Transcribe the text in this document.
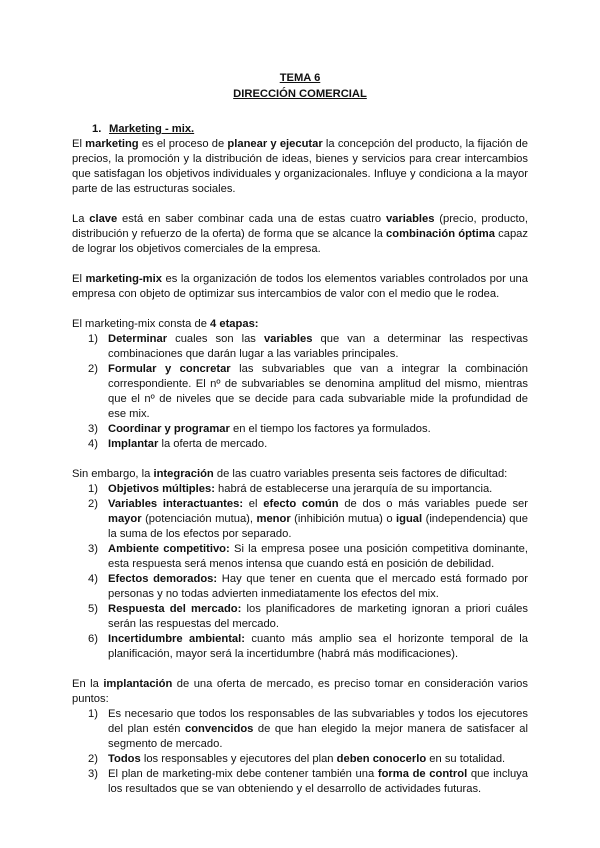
TEMA 6
DIRECCIÓN COMERCIAL
1. Marketing - mix.

El marketing es el proceso de planear y ejecutar la concepción del producto, la fijación de precios, la promoción y la distribución de ideas, bienes y servicios para crear intercambios que satisfagan los objetivos individuales y organizacionales. Influye y condiciona a la mayor parte de las estructuras sociales.

La clave está en saber combinar cada una de estas cuatro variables (precio, producto, distribución y refuerzo de la oferta) de forma que se alcance la combinación óptima capaz de lograr los objetivos comerciales de la empresa.

El marketing-mix es la organización de todos los elementos variables controlados por una empresa con objeto de optimizar sus intercambios de valor con el medio que le rodea.

El marketing-mix consta de 4 etapas:

1) Determinar cuales son las variables que van a determinar las respectivas combinaciones que darán lugar a las variables principales.
2) Formular y concretar las subvariables que van a integrar la combinación correspondiente. El nº de subvariables se denomina amplitud del mismo, mientras que el nº de niveles que se decide para cada subvariable mide la profundidad de ese mix.
3) Coordinar y programar en el tiempo los factores ya formulados.
4) Implantar la oferta de mercado.

Sin embargo, la integración de las cuatro variables presenta seis factores de dificultad:

1) Objetivos múltiples: habrá de establecerse una jerarquía de su importancia.
2) Variables interactuantes: el efecto común de dos o más variables puede ser mayor (potenciación mutua), menor (inhibición mutua) o igual (independencia) que la suma de los efectos por separado.
3) Ambiente competitivo: Si la empresa posee una posición competitiva dominante, esta respuesta será menos intensa que cuando está en posición de debilidad.
4) Efectos demorados: Hay que tener en cuenta que el mercado está formado por personas y no todas advierten inmediatamente los efectos del mix.
5) Respuesta del mercado: los planificadores de marketing ignoran a priori cuáles serán las respuestas del mercado.
6) Incertidumbre ambiental: cuanto más amplio sea el horizonte temporal de la planificación, mayor será la incertidumbre (habrá más modificaciones).

En la implantación de una oferta de mercado, es preciso tomar en consideración varios puntos:

1) Es necesario que todos los responsables de las subvariables y todos los ejecutores del plan estén convencidos de que han elegido la mejor manera de satisfacer al segmento de mercado.
2) Todos los responsables y ejecutores del plan deben conocerlo en su totalidad.
3) El plan de marketing-mix debe contener también una forma de control que incluya los resultados que se van obteniendo y el desarrollo de actividades futuras.
